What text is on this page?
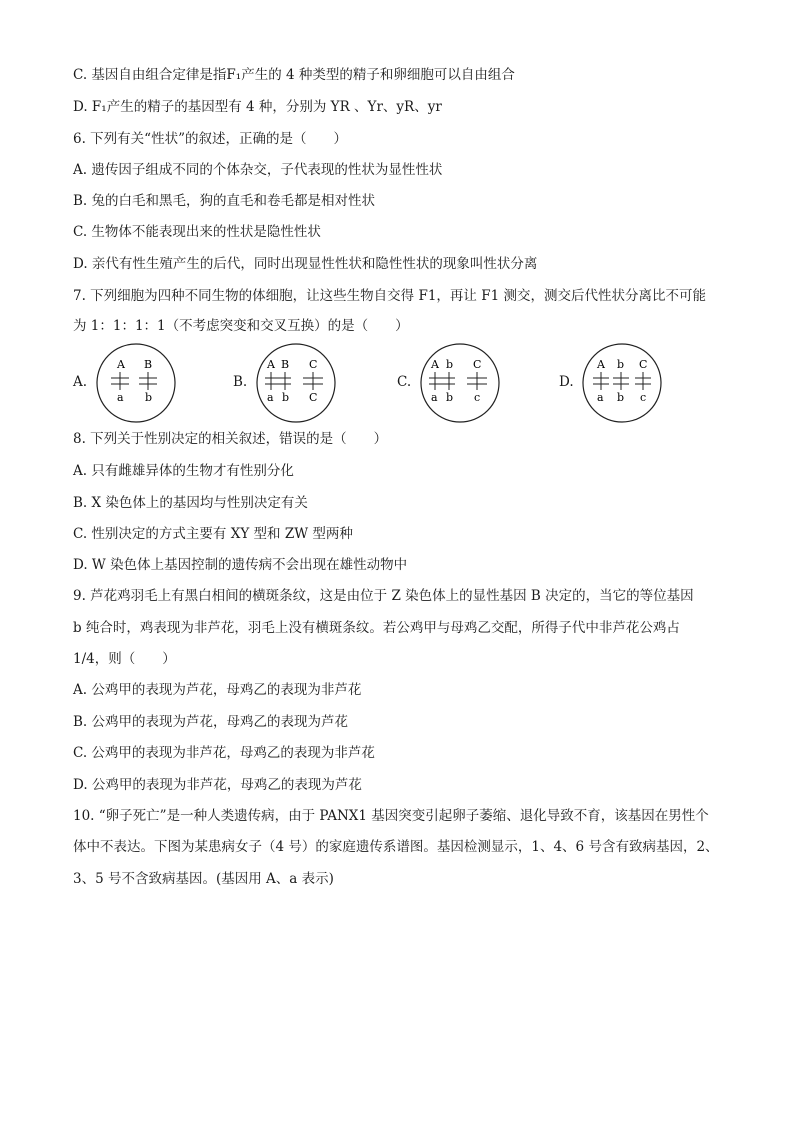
C. 基因自由组合定律是指F₁产生的 4 种类型的精子和卵细胞可以自由组合
D. F₁产生的精子的基因型有 4 种，分别为 YR 、Yr、yR、yr
6. 下列有关“性状”的叙述，正确的是（　　）
A. 遗传因子组成不同的个体杂交，子代表现的性状为显性性状
B. 兔的白毛和黑毛，狗的直毛和卷毛都是相对性状
C. 生物体不能表现出来的性状是隐性性状
D. 亲代有性生殖产生的后代，同时出现显性性状和隐性性状的现象叫性状分离
7. 下列细胞为四种不同生物的体细胞，让这些生物自交得 F1，再让 F1 测交，测交后代性状分离比不可能
为 1：1：1：1（不考虑突变和交叉互换）的是（　　）
A.
A B
a b
B.
A B C
a b C
C.
A b C
a b c
D.
A b C
a b c
8. 下列关于性别决定的相关叙述，错误的是（　　）
A. 只有雌雄异体的生物才有性别分化
B. X 染色体上的基因均与性别决定有关
C. 性别决定的方式主要有 XY 型和 ZW 型两种
D. W 染色体上基因控制的遗传病不会出现在雄性动物中
9. 芦花鸡羽毛上有黑白相间的横斑条纹，这是由位于 Z 染色体上的显性基因 B 决定的，当它的等位基因
b 纯合时，鸡表现为非芦花，羽毛上没有横斑条纹。若公鸡甲与母鸡乙交配，所得子代中非芦花公鸡占
1/4，则（　　）
A. 公鸡甲的表现为芦花，母鸡乙的表现为非芦花
B. 公鸡甲的表现为芦花，母鸡乙的表现为芦花
C. 公鸡甲的表现为非芦花，母鸡乙的表现为非芦花
D. 公鸡甲的表现为非芦花，母鸡乙的表现为芦花
10. “卵子死亡”是一种人类遗传病，由于 PANX1 基因突变引起卵子萎缩、退化导致不育，该基因在男性个
体中不表达。下图为某患病女子（4 号）的家庭遗传系谱图。基因检测显示，1、4、6 号含有致病基因，2、
3、5 号不含致病基因。(基因用 A、a 表示)
